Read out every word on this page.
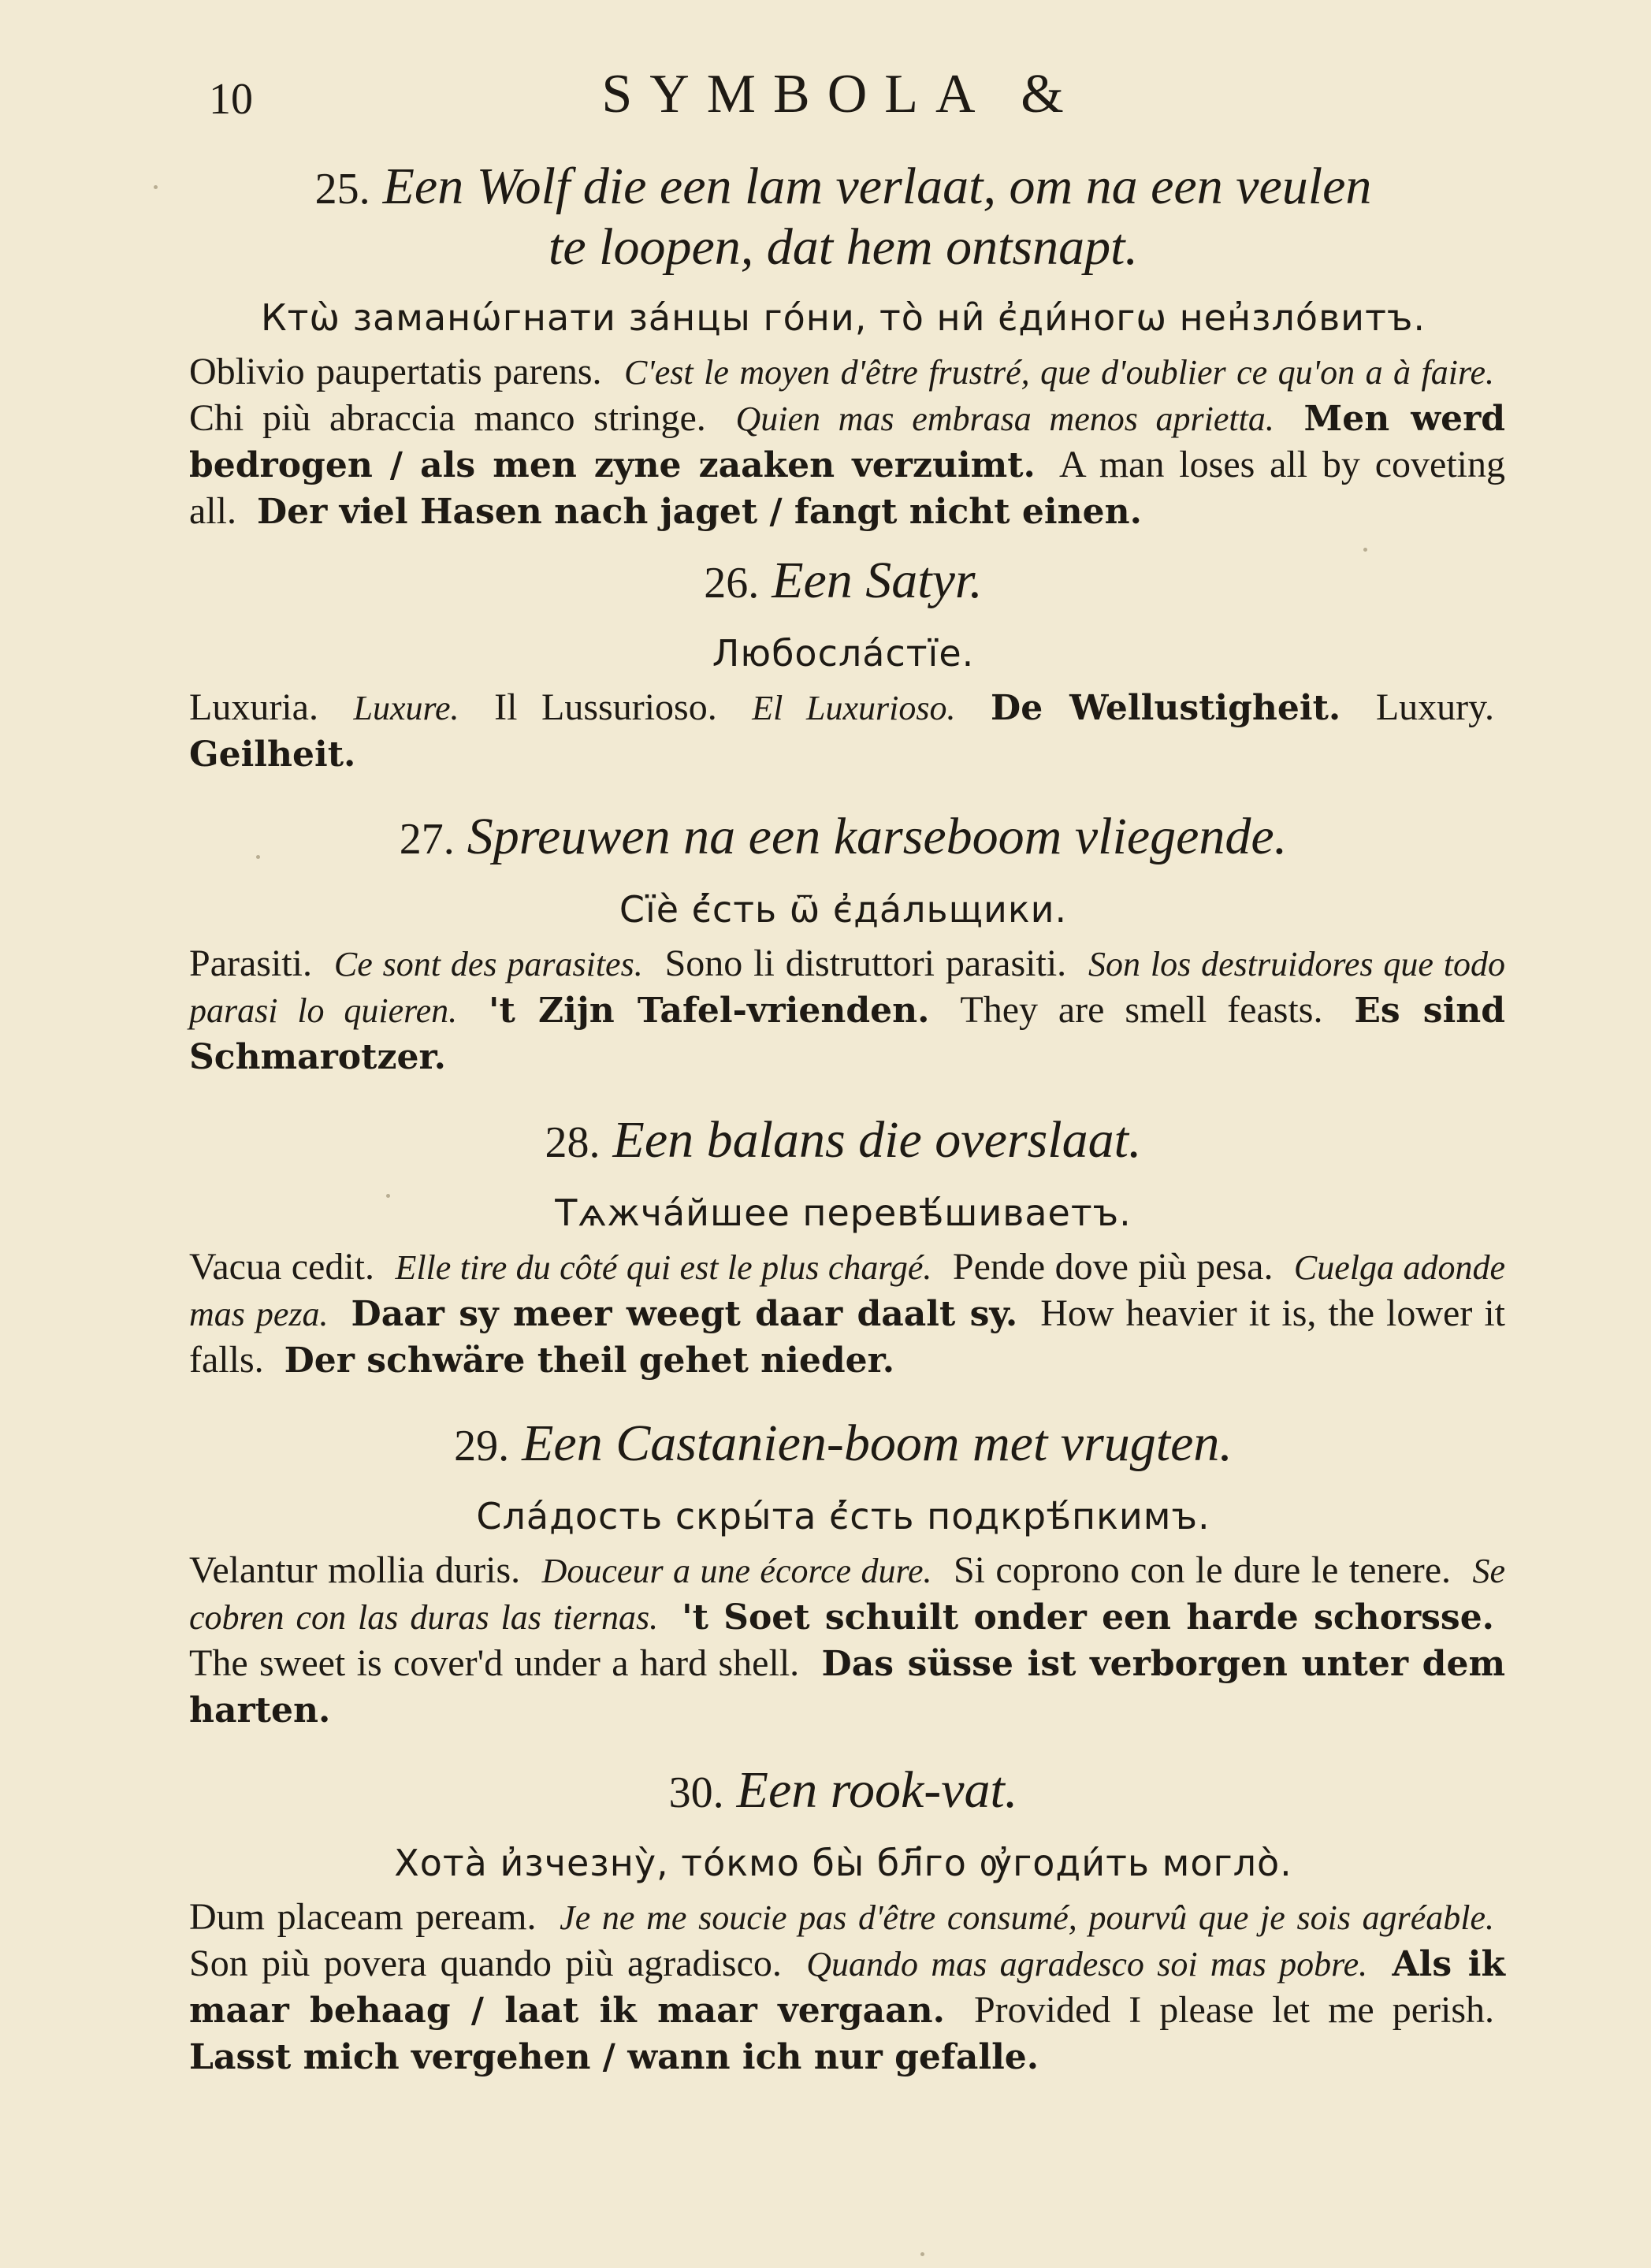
10	SYMBOLA &

25. Een Wolf die een lam verlaat, om na een veulen
te loopen, dat hem ontsnapt.

Ктѡ̀ заманѡ́гнати за́нцы го́ни, то̀ ни̑ є҆ди́ногѡ нен҆зло́витъ.
Oblivio paupertatis parens. C'est le moyen d'être frustré, que d'oublier ce qu'on a à faire. Chi più abraccia manco stringe. Quien mas embrasa menos aprietta. Men werd bedrogen / als men zyne zaaken verzuimt. A man loses all by coveting all. Der viel Hasen nach jaget / fangt nicht einen.

26. Een Satyr.

Любосла́стїе.
Luxuria. Luxure. Il Lussurioso. El Luxurioso. De Wellustigheit. Luxury. Geilheit.

27. Spreuwen na een karseboom vliegende.

Сїѐ є҆́сть ѿ є҆да́льщики.
Parasiti. Ce sont des parasites. Sono li distruttori parasiti. Son los destruidores que todo parasi lo quieren. 't Zijn Tafel-vrienden. They are smell feasts. Es sind Schmarotzer.

28. Een balans die overslaat.

Тѧжча́йшее перевѣ́шиваетъ.
Vacua cedit. Elle tire du côté qui est le plus chargé. Pende dove più pesa. Cuelga adonde mas peza. Daar sy meer weegt daar daalt sy. How heavier it is, the lower it falls. Der schwäre theil gehet nieder.

29. Een Castanien-boom met vrugten.

Сла́дость скры́та є҆́сть подкрѣ́пкимъ.
Velantur mollia duris. Douceur a une écorce dure. Si coprono con le dure le tenere. Se cobren con las duras las tiernas. 't Soet schuilt onder een harde schorsse. The sweet is cover'd under a hard shell. Das süsse ist verborgen unter dem harten.

30. Een rook-vat.

Хота̀ и҆зчезну̀, то́кмо бы̀ бл҃го ѹ҆годи́ть могло̀.
Dum placeam peream. Je ne me soucie pas d'être consumé, pourvû que je sois agréable. Son più povera quando più agradisco. Quando mas agradesco soi mas pobre. Als ik maar behaag / laat ik maar vergaan. Provided I please let me perish. Lasst mich vergehen / wann ich nur gefalle.
